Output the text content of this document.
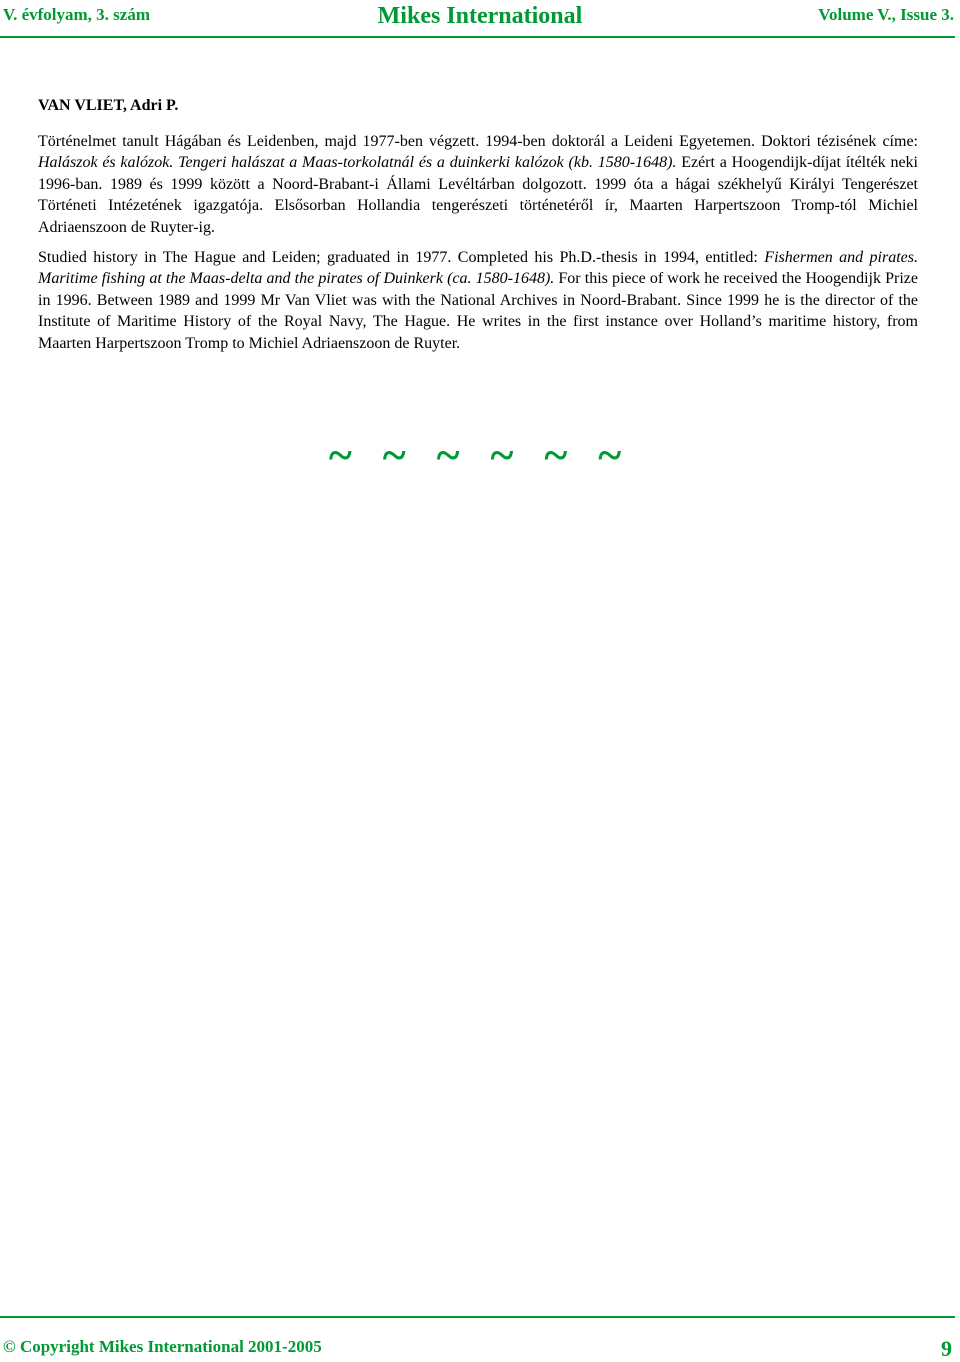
V. évfolyam, 3. szám	Mikes International	Volume V., Issue 3.
VAN VLIET, Adri P.

Történelmet tanult Hágában és Leidenben, majd 1977-ben végzett. 1994-ben doktorál a Leideni Egyetemen. Doktori tézisének címe: Halászok és kalózok. Tengeri halászat a Maas-torkolatnál és a duinkerki kalózok (kb. 1580-1648). Ezért a Hoogendijk-díjat ítélték neki 1996-ban. 1989 és 1999 között a Noord-Brabant-i Állami Levéltárban dolgozott. 1999 óta a hágai székhelyű Királyi Tengerészet Történeti Intézetének igazgatója. Elsősorban Hollandia tengerészeti történetéről ír, Maarten Harpertszoon Tromp-tól Michiel Adriaenszoon de Ruyter-ig.

Studied history in The Hague and Leiden; graduated in 1977. Completed his Ph.D.-thesis in 1994, entitled: Fishermen and pirates. Maritime fishing at the Maas-delta and the pirates of Duinkerk (ca. 1580-1648). For this piece of work he received the Hoogendijk Prize in 1996. Between 1989 and 1999 Mr Van Vliet was with the National Archives in Noord-Brabant. Since 1999 he is the director of the Institute of Maritime History of the Royal Navy, The Hague. He writes in the first instance over Holland’s maritime history, from Maarten Harpertszoon Tromp to Michiel Adriaenszoon de Ruyter.

~ ~ ~ ~ ~ ~
© Copyright Mikes International 2001-2005	9
